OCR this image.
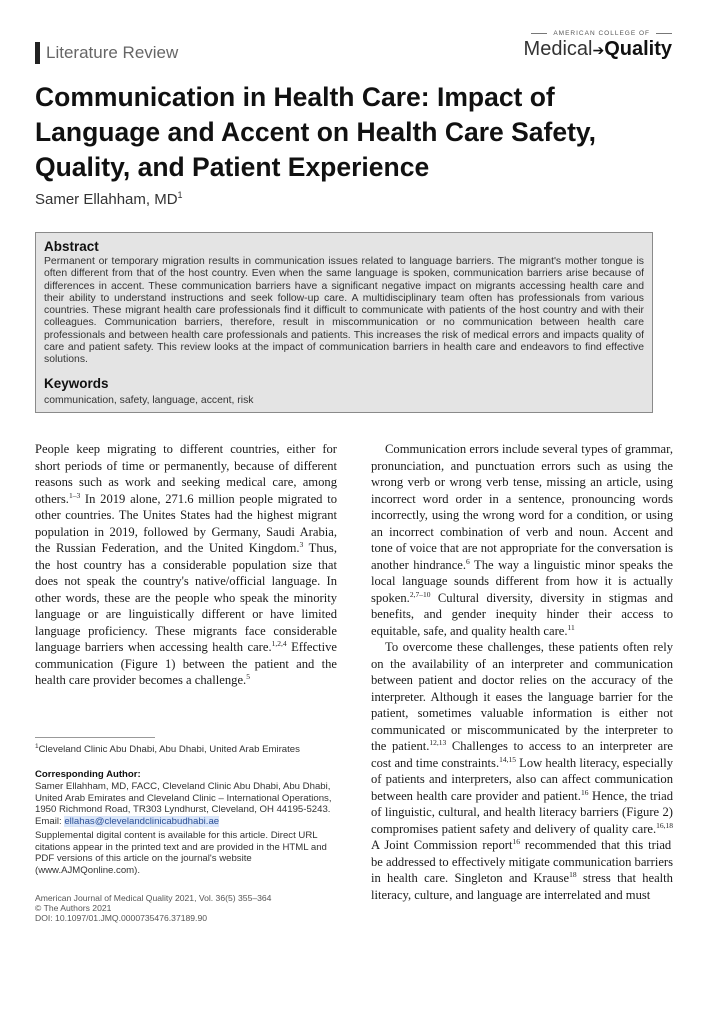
Literature Review
AMERICAN COLLEGE OF
Medical➔Quality
Communication in Health Care: Impact of Language and Accent on Health Care Safety, Quality, and Patient Experience
Samer Ellahham, $MD^1$

Abstract

Permanent or temporary migration results in communication issues related to language barriers. The migrant's mother tongue is often different from that of the host country. Even when the same language is spoken, communication barriers arise because of differences in accent. These communication barriers have a significant negative impact on migrants accessing health care and their ability to understand instructions and seek follow-up care. A multidisciplinary team often has professionals from various countries. These migrant health care professionals find it difficult to communicate with patients of the host country and with their colleagues. Communication barriers, therefore, result in miscommunication or no communication between health care professionals and between health care professionals and patients. This increases the risk of medical errors and impacts quality of care and patient safety. This review looks at the impact of communication barriers in health care and endeavors to find effective solutions.

Keywords

communication, safety, language, accent, risk

People keep migrating to different countries, either for short periods of time or permanently, because of different reasons such as work and seeking medical care, among others.$^{1-3}$ In 2019 alone, 271.6 million people migrated to other countries. The Unites States had the highest migrant population in 2019, followed by Germany, Saudi Arabia, the Russian Federation, and the United Kingdom.$^3$ Thus, the host country has a considerable population size that does not speak the country's native/official language. In other words, these are the people who speak the minority language or are linguistically different or have limited language proficiency. These migrants face considerable language barriers when accessing health care.$^{1,2,4}$ Effective communication (Figure 1) between the patient and the health care provider becomes a challenge.$^5$

Communication errors include several types of grammar, pronunciation, and punctuation errors such as using the wrong verb or wrong verb tense, missing an article, using incorrect word order in a sentence, pronouncing words incorrectly, using the wrong word for a condition, or using an incorrect combination of verb and noun. Accent and tone of voice that are not appropriate for the conversation is another hindrance.$^6$ The way a linguistic minor speaks the local language sounds different from how it is actually spoken.$^{2,7-10}$ Cultural diversity, diversity in stigmas and benefits, and gender inequity hinder their access to equitable, safe, and quality health care.$^{11}$

To overcome these challenges, these patients often rely on the availability of an interpreter and communication between patient and doctor relies on the accuracy of the interpreter. Although it eases the language barrier for the patient, sometimes valuable information is either not communicated or miscommunicated by the interpreter to the patient.$^{12,13}$ Challenges to access to an interpreter are cost and time constraints.$^{14,15}$ Low health literacy, especially of patients and interpreters, also can affect communication between health care provider and patient.$^{16}$ Hence, the triad of linguistic, cultural, and health literacy barriers (Figure 2) compromises patient safety and delivery of quality care.$^{16,18}$ A Joint Commission report$^{16}$ recommended that this triad be addressed to effectively mitigate communication barriers in health care. Singleton and Krause$^{18}$ stress that health literacy, culture, and language are interrelated and must

$^1$Cleveland Clinic Abu Dhabi, Abu Dhabi, United Arab Emirates

Corresponding Author:

Samer Ellahham, MD, FACC, Cleveland Clinic Abu Dhabi, Abu Dhabi, United Arab Emirates and Cleveland Clinic – International Operations, 1950 Richmond Road, TR303 Lyndhurst, Cleveland, OH 44195-5243.
Email: ellahas@clevelandclinicabudhabi.ae

Supplemental digital content is available for this article. Direct URL citations appear in the printed text and are provided in the HTML and PDF versions of this article on the journal's website (www.AJMQonline.com).

American Journal of Medical Quality 2021, Vol. 36(5) 355–364
© The Authors 2021
DOI: 10.1097/01.JMQ.0000735476.37189.90
